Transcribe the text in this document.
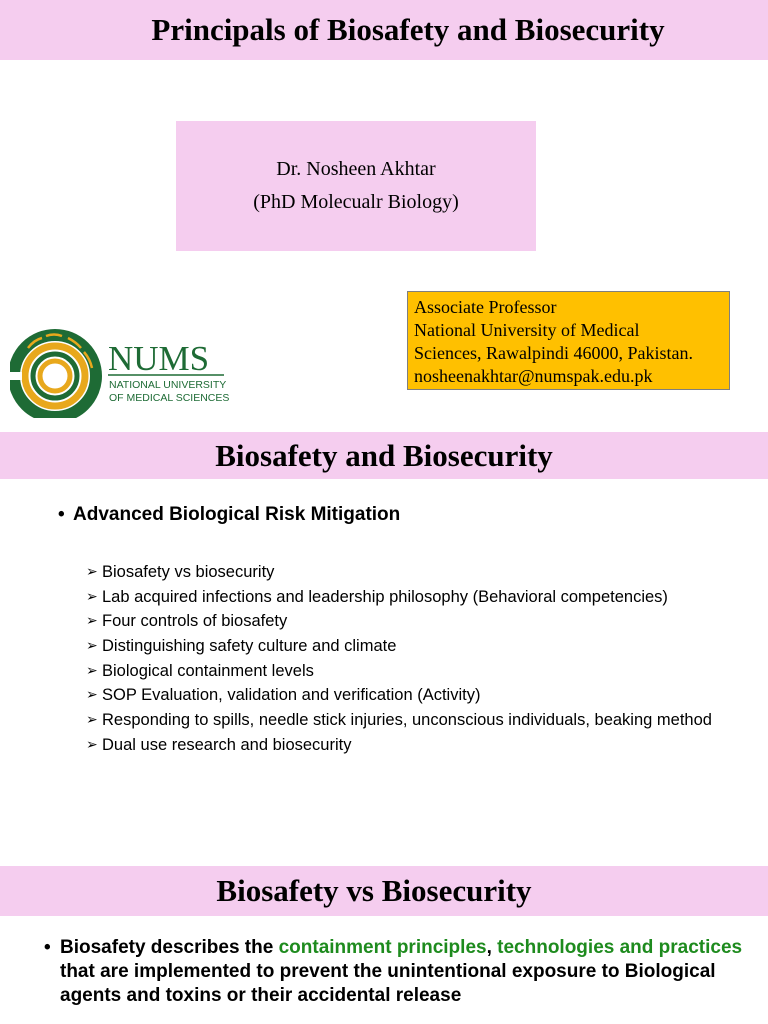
Principals of Biosafety and Biosecurity
Dr. Nosheen Akhtar
(PhD Molecualr Biology)
NUMS
NATIONAL UNIVERSITY
OF MEDICAL SCIENCES
Associate Professor
National University of Medical
Sciences, Rawalpindi 46000, Pakistan.
nosheenakhtar@numspak.edu.pk
Biosafety and Biosecurity
• Advanced Biological Risk Mitigation
➢ Biosafety vs biosecurity
➢ Lab acquired infections and leadership philosophy (Behavioral competencies)
➢ Four controls of biosafety
➢ Distinguishing safety culture and climate
➢ Biological containment levels
➢ SOP Evaluation, validation and verification (Activity)
➢ Responding to spills, needle stick injuries, unconscious individuals, beaking method
➢ Dual use research and biosecurity
Biosafety vs Biosecurity
• Biosafety describes the containment principles, technologies and practices that are implemented to prevent the unintentional exposure to Biological agents and toxins or their accidental release
